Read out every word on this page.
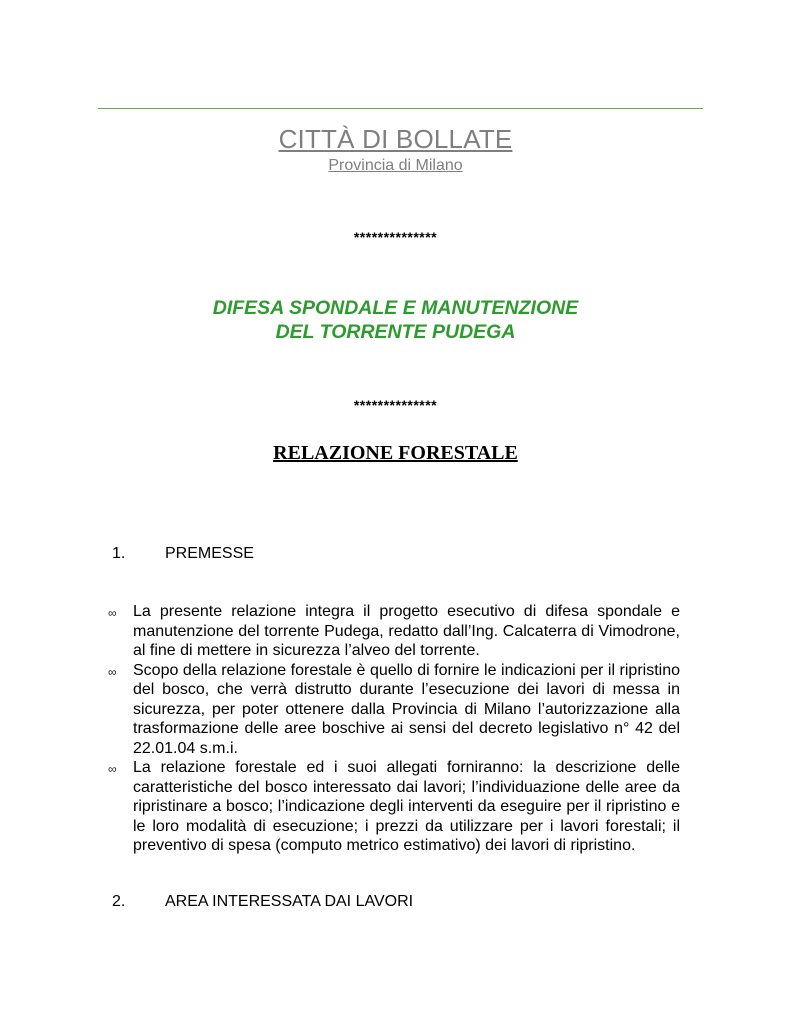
CITTÀ DI BOLLATE
Provincia di Milano
**************
DIFESA SPONDALE E MANUTENZIONE
DEL TORRENTE PUDEGA
**************
RELAZIONE FORESTALE
1. PREMESSE
∞ La presente relazione integra il progetto esecutivo di difesa spondale e manutenzione del torrente Pudega, redatto dall’Ing. Calcaterra di Vimodrone, al fine di mettere in sicurezza l’alveo del torrente.
∞ Scopo della relazione forestale è quello di fornire le indicazioni per il ripristino del bosco, che verrà distrutto durante l’esecuzione dei lavori di messa in sicurezza, per poter ottenere dalla Provincia di Milano l’autorizzazione alla trasformazione delle aree boschive ai sensi del decreto legislativo n° 42 del 22.01.04 s.m.i.
∞ La relazione forestale ed i suoi allegati forniranno: la descrizione delle caratteristiche del bosco interessato dai lavori; l’individuazione delle aree da ripristinare a bosco; l’indicazione degli interventi da eseguire per il ripristino e le loro modalità di esecuzione; i prezzi da utilizzare per i lavori forestali; il preventivo di spesa (computo metrico estimativo) dei lavori di ripristino.
2. AREA INTERESSATA DAI LAVORI
